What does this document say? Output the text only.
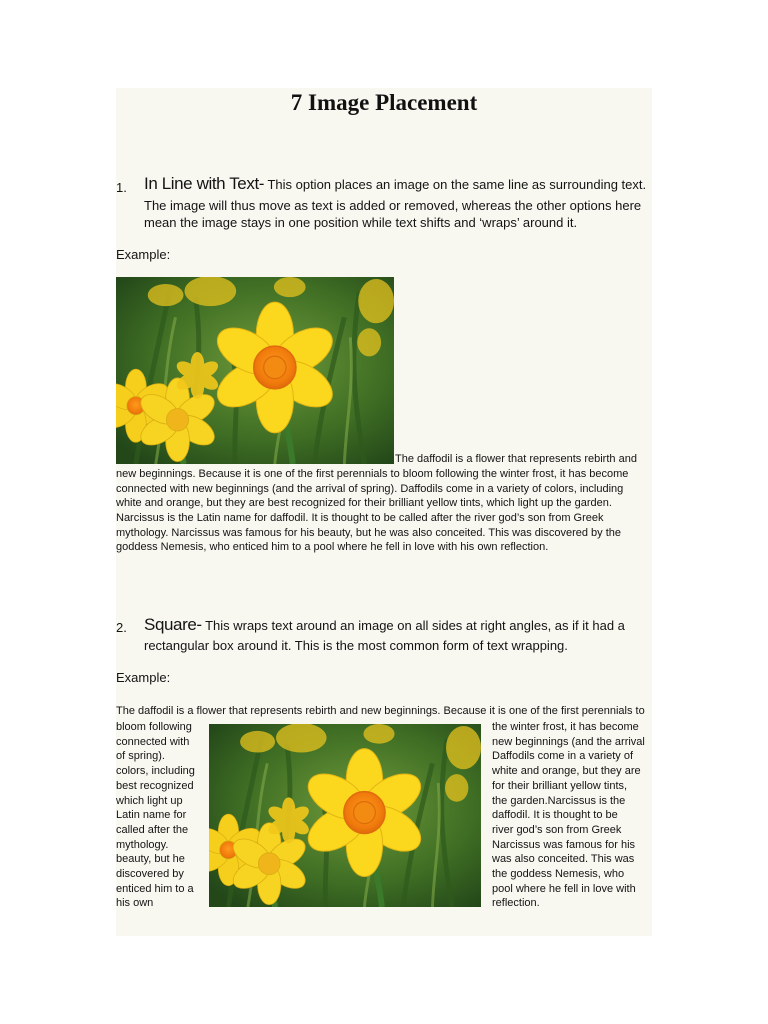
7 Image Placement
1. In Line with Text- This option places an image on the same line as surrounding text.
The image will thus move as text is added or removed, whereas the other options here
mean the image stays in one position while text shifts and ‘wraps’ around it.
Example:
The daffodil is a flower that represents rebirth and
new beginnings. Because it is one of the first perennials to bloom following the winter frost, it has become
connected with new beginnings (and the arrival of spring). Daffodils come in a variety of colors, including
white and orange, but they are best recognized for their brilliant yellow tints, which light up the garden.
Narcissus is the Latin name for daffodil. It is thought to be called after the river god’s son from Greek
mythology. Narcissus was famous for his beauty, but he was also conceited. This was discovered by the
goddess Nemesis, who enticed him to a pool where he fell in love with his own reflection.
2. Square- This wraps text around an image on all sides at right angles, as if it had a
rectangular box around it. This is the most common form of text wrapping.
Example:
The daffodil is a flower that represents rebirth and new beginnings. Because it is one of the first perennials to
bloom following
connected with
of spring).
colors, including
best recognized
which light up
Latin name for
called after the
mythology.
beauty, but he
discovered by
enticed him to a
his own
the winter frost, it has become
new beginnings (and the arrival
Daffodils come in a variety of
white and orange, but they are
for their brilliant yellow tints,
the garden.Narcissus is the
daffodil. It is thought to be
river god’s son from Greek
Narcissus was famous for his
was also conceited. This was
the goddess Nemesis, who
pool where he fell in love with
reflection.
